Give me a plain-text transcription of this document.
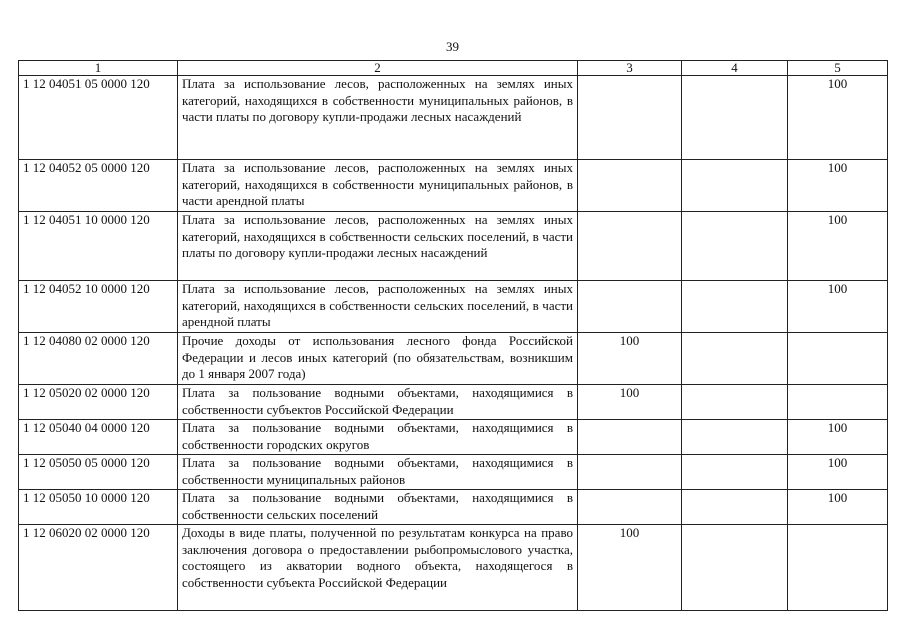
39
1	2	3	4	5
1 12 04051 05 0000 120	Плата за использование лесов, расположенных на землях иных категорий, находящихся в собственности муниципальных районов, в части платы по договору купли-продажи лесных насаждений			100
1 12 04052 05 0000 120	Плата за использование лесов, расположенных на землях иных категорий, находящихся в собственности муниципальных районов, в части арендной платы			100
1 12 04051 10 0000 120	Плата за использование лесов, расположенных на землях иных категорий, находящихся в собственности сельских поселений, в части платы по договору купли-продажи лесных насаждений			100
1 12 04052 10 0000 120	Плата за использование лесов, расположенных на землях иных категорий, находящихся в собственности сельских поселений, в части арендной платы			100
1 12 04080 02 0000 120	Прочие доходы от использования лесного фонда Российской Федерации и лесов иных категорий (по обязательствам, возникшим до 1 января 2007 года)	100		
1 12 05020 02 0000 120	Плата за пользование водными объектами, находящимися в собственности субъектов Российской Федерации	100		
1 12 05040 04 0000 120	Плата за пользование водными объектами, находящимися в собственности городских округов			100
1 12 05050 05 0000 120	Плата за пользование водными объектами, находящимися в собственности муниципальных районов			100
1 12 05050 10 0000 120	Плата за пользование водными объектами, находящимися в собственности сельских поселений			100
1 12 06020 02 0000 120	Доходы в виде платы, полученной по результатам конкурса на право заключения договора о предоставлении рыбопромыслового участка, состоящего из акватории водного объекта, находящегося в собственности субъекта Российской Федерации	100		
